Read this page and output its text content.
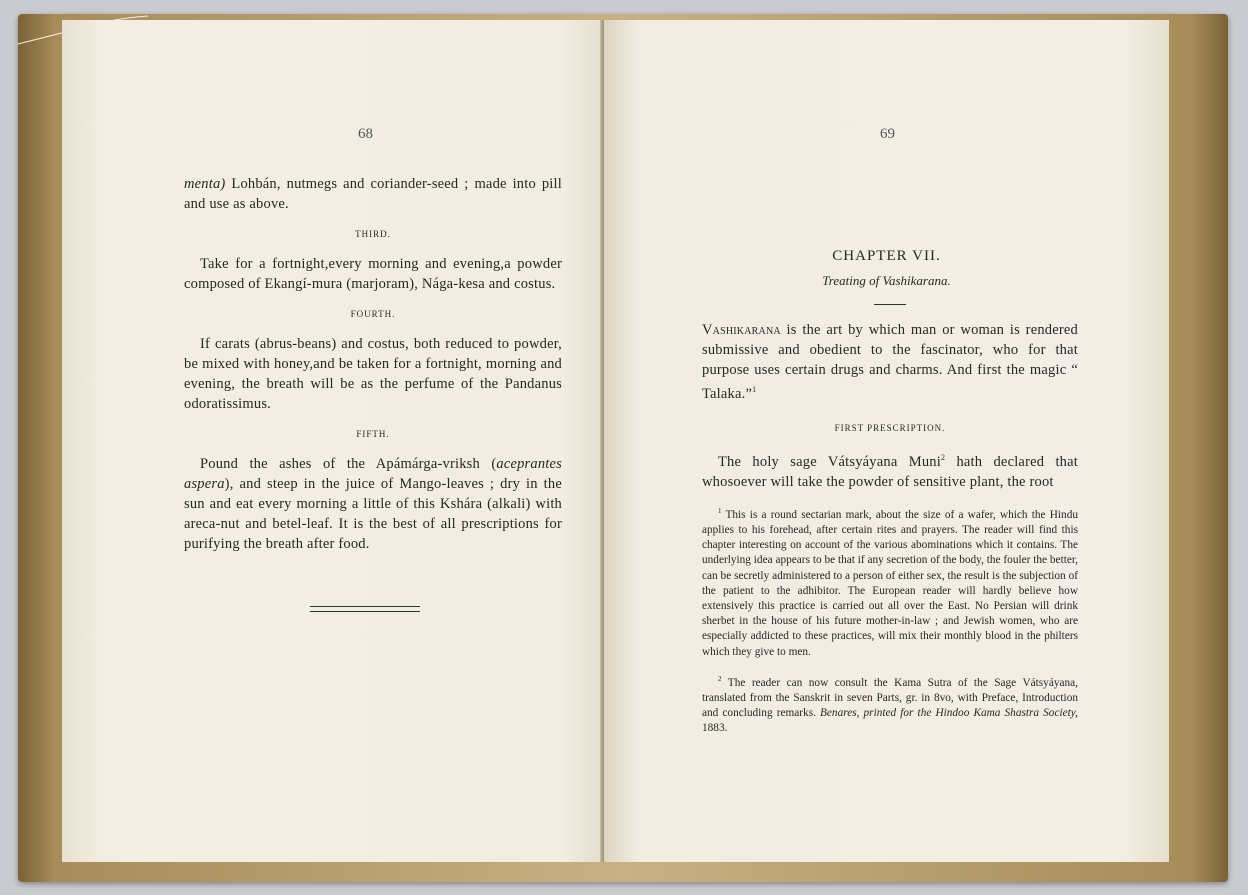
68

menta) Lohbán, nutmegs and coriander-seed ; made into pill and use as above.

THIRD.

Take for a fortnight,every morning and evening,a powder composed of Ekangí-mura (marjoram), Nága-kesa and costus.

FOURTH.

If carats (abrus-beans) and costus, both reduced to powder, be mixed with honey,and be taken for a fortnight, morning and evening, the breath will be as the perfume of the Pandanus odoratissimus.

FIFTH.

Pound the ashes of the Apámárga-vriksh (aceprantes aspera), and steep in the juice of Mango-leaves ; dry in the sun and eat every morning a little of this Kshára (alkali) with areca-nut and betel-leaf. It is the best of all prescriptions for purifying the breath after food.

69
CHAPTER VII.
Treating of Vashikarana.

Vashikarana is the art by which man or woman is rendered submissive and obedient to the fascinator, who for that purpose uses certain drugs and charms. And first the magic “ Talaka.”$^1$

FIRST PRESCRIPTION.

The holy sage Vátsyáyana Muni$^2$ hath declared that whosoever will take the powder of sensitive plant, the root

$^1$ This is a round sectarian mark, about the size of a wafer, which the Hindu applies to his forehead, after certain rites and prayers. The reader will find this chapter interesting on account of the various abominations which it contains. The underlying idea appears to be that if any secretion of the body, the fouler the better, can be secretly administered to a person of either sex, the result is the subjection of the patient to the adhibitor. The European reader will hardly believe how extensively this practice is carried out all over the East. No Persian will drink sherbet in the house of his future mother-in-law ; and Jewish women, who are especially addicted to these practices, will mix their monthly blood in the philters which they give to men.

$^2$ The reader can now consult the Kama Sutra of the Sage Vátsyáyana, translated from the Sanskrit in seven Parts, gr. in 8vo, with Preface, Introduction and concluding remarks. Benares, printed for the Hindoo Kama Shastra Society, 1883.
